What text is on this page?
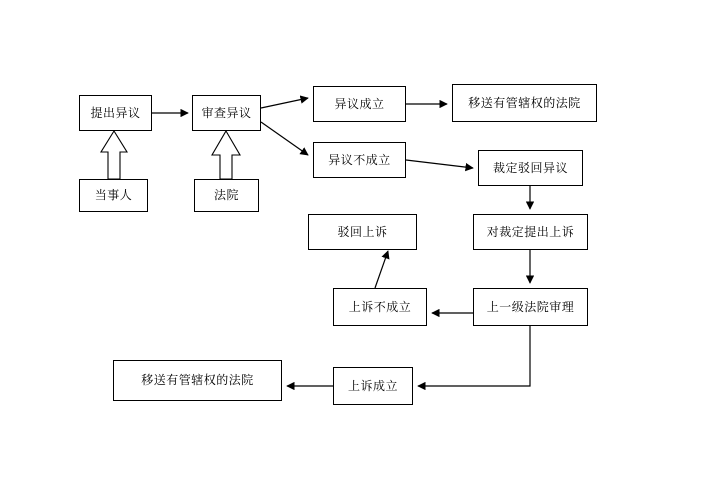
提出异议	审查异议
异议成立	移送有管辖权的法院
异议不成立
裁定驳回异议
当事人	法院
对裁定提出上诉
驳回上诉
上诉不成立	上一级法院审理
上诉成立
移送有管辖权的法院
